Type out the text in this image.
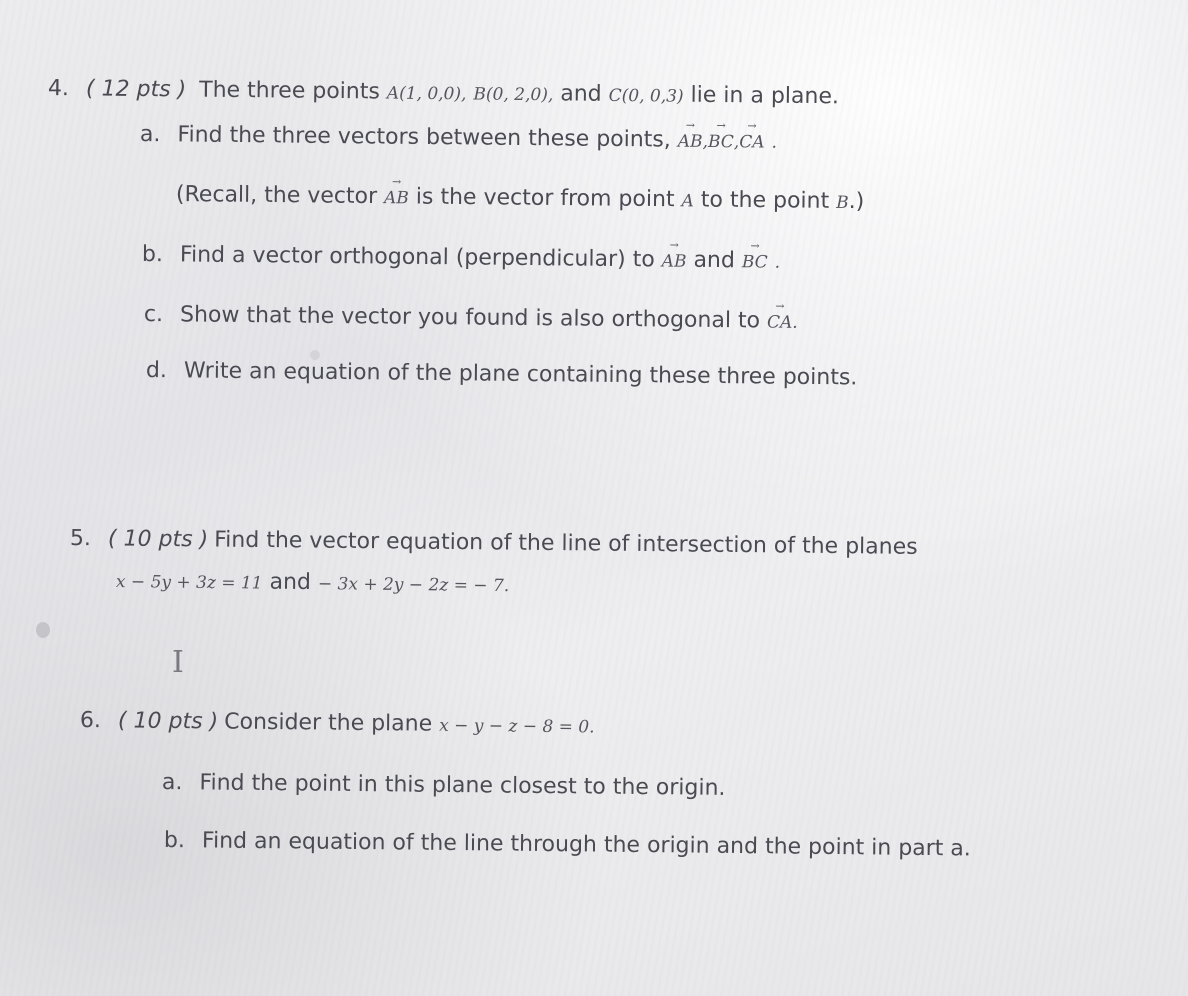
4. ( 12 pts ) The three points A(1, 0,0), B(0, 2,0), and C(0, 0,3) lie in a plane.
a. Find the three vectors between these points, → AB,→ BC,→ CA .
(Recall, the vector → AB is the vector from point A to the point B.)
b. Find a vector orthogonal (perpendicular) to → AB and → BC .
c. Show that the vector you found is also orthogonal to → CA.
d. Write an equation of the plane containing these three points.
5. ( 10 pts ) Find the vector equation of the line of intersection of the planes
x − 5y + 3z = 11 and − 3x + 2y − 2z = − 7.
I
6. ( 10 pts ) Consider the plane x − y − z − 8 = 0.
a. Find the point in this plane closest to the origin.
b. Find an equation of the line through the origin and the point in part a.
